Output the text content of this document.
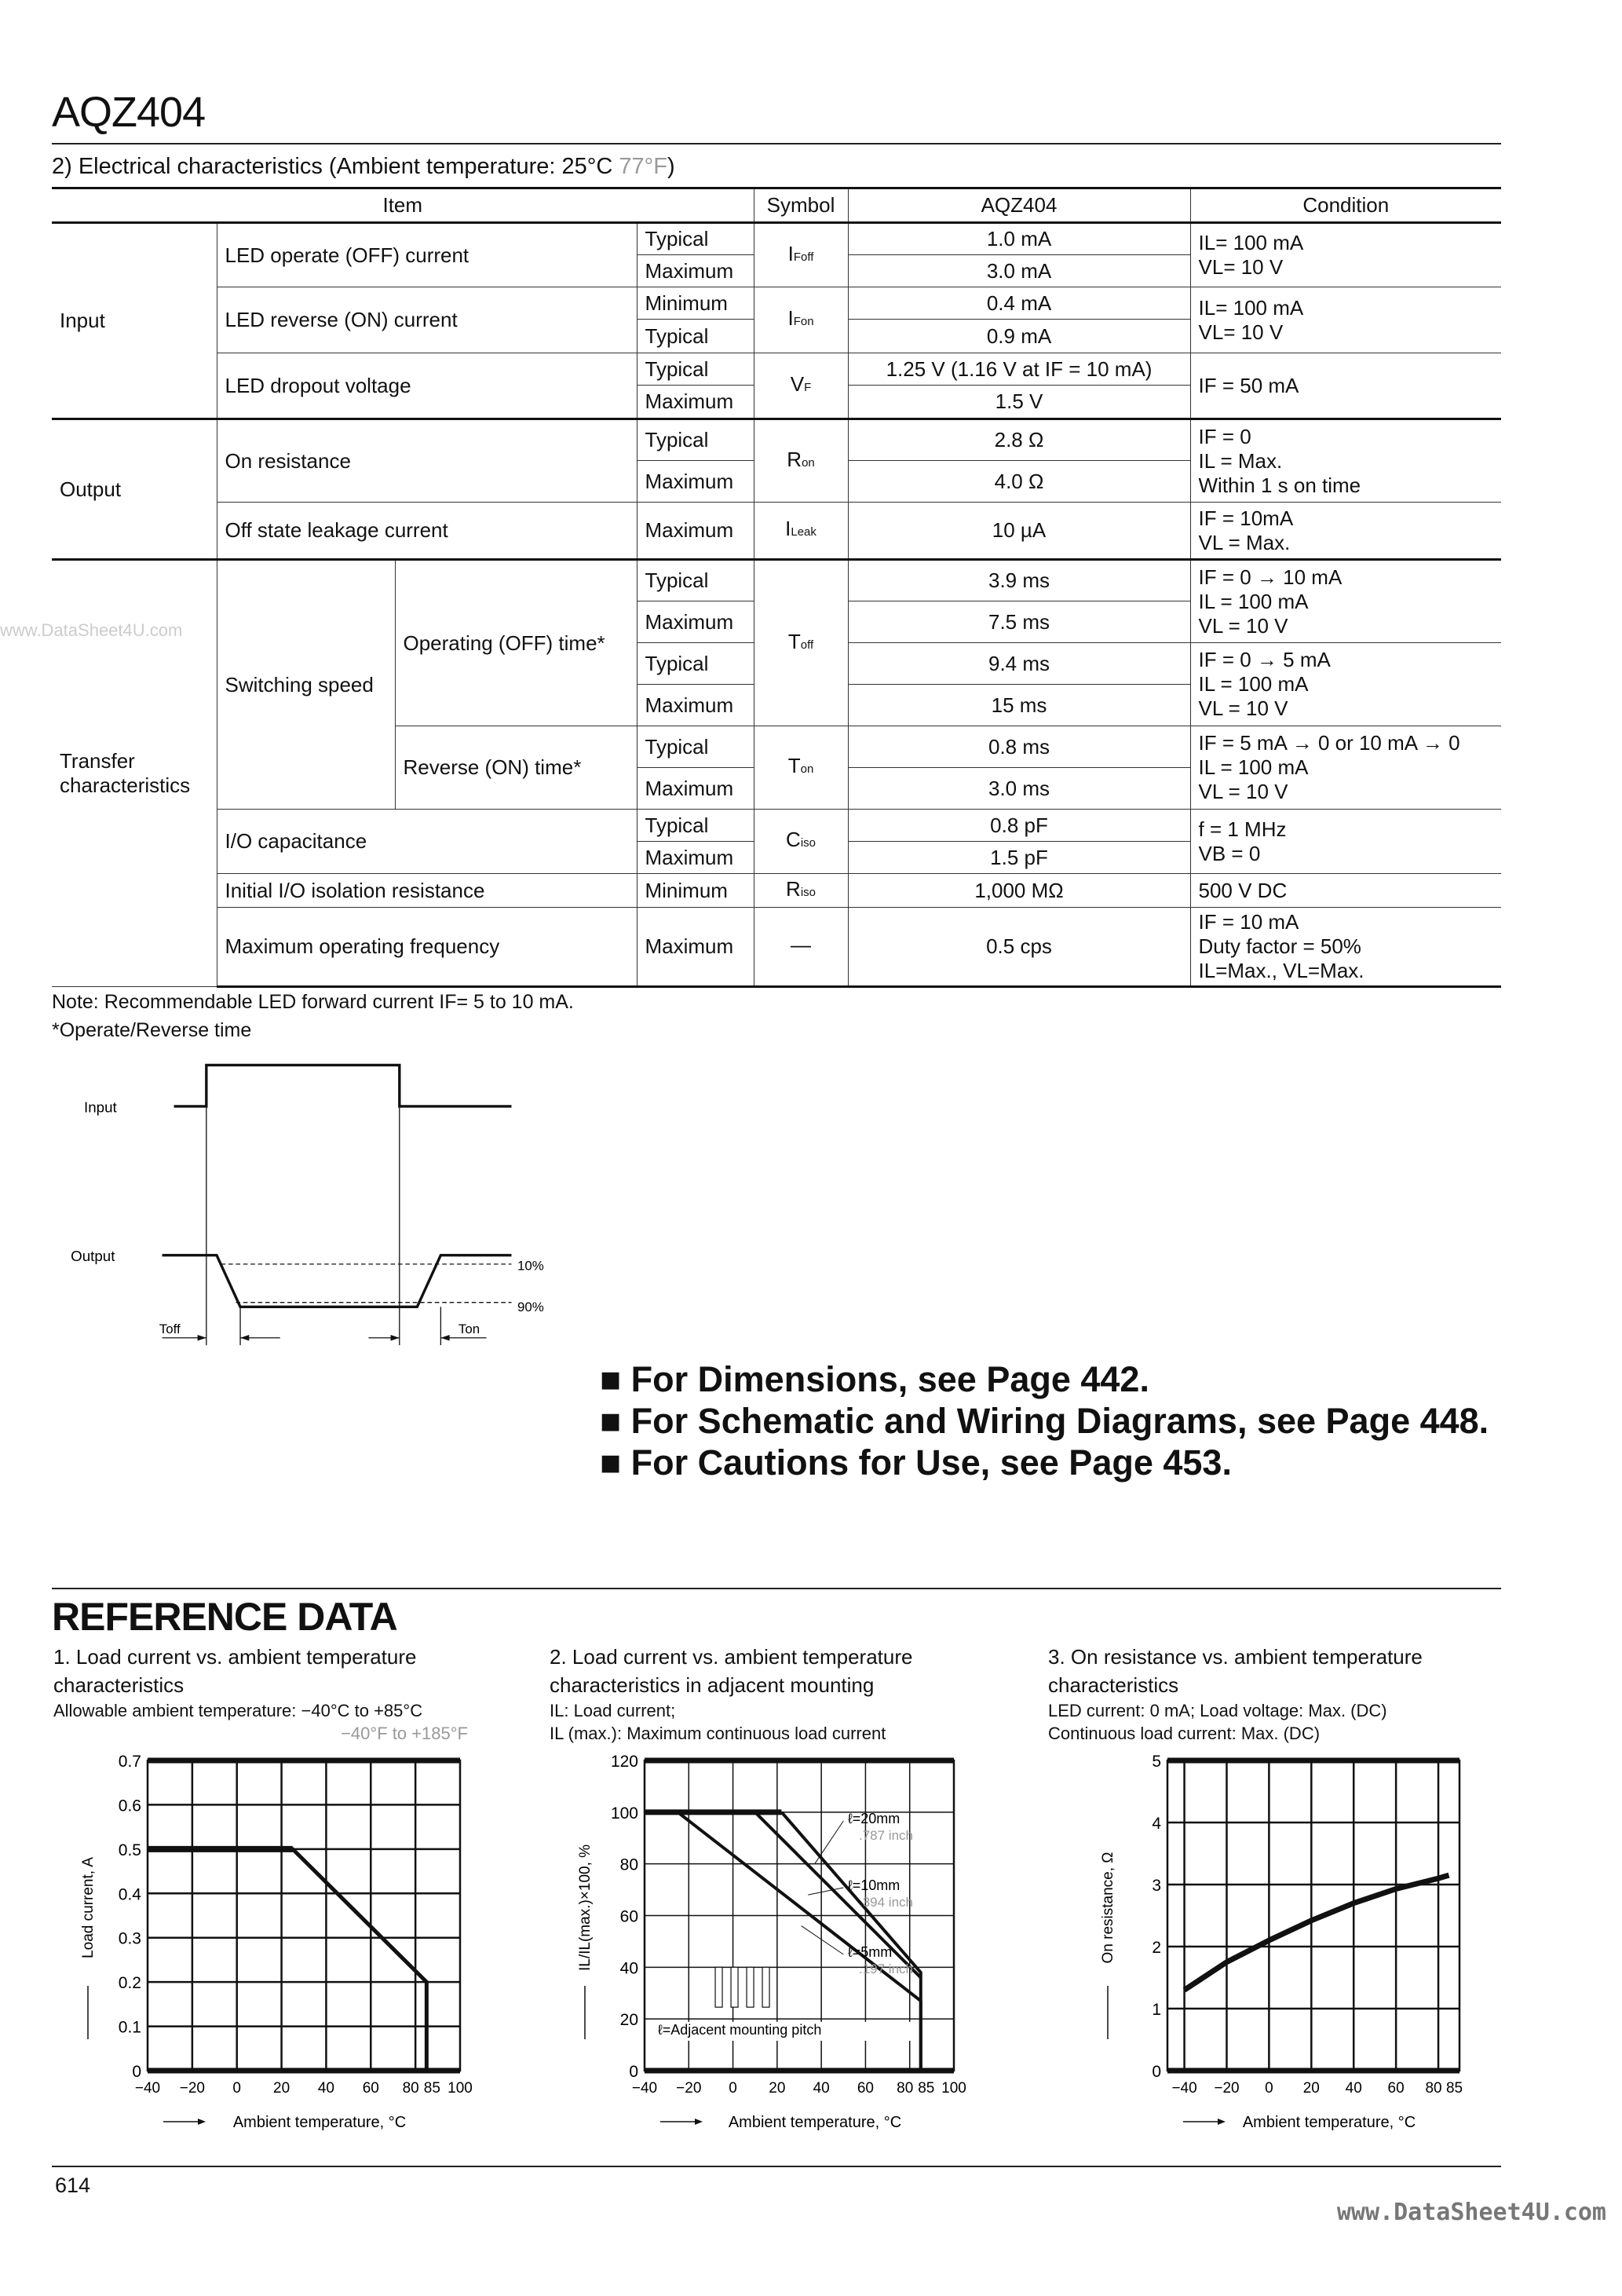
AQZ404
2) Electrical characteristics (Ambient temperature: 25°C 77°F)
Item				Symbol	AQZ404	Condition
Input	LED operate (OFF) current		Typical	IFoff	1.0 mA	IL= 100 mA
VL= 10 V
			Maximum		3.0 mA	
	LED reverse (ON) current		Minimum	IFon	0.4 mA	IL= 100 mA
VL= 10 V
			Typical		0.9 mA	
	LED dropout voltage		Typical	VF	1.25 V (1.16 V at IF = 10 mA)	IF = 50 mA
			Maximum		1.5 V	
Output	On resistance		Typical	Ron	2.8 Ω	IF = 0
IL = Max.
Within 1 s on time
			Maximum		4.0 Ω	
	Off state leakage current		Maximum	ILeak	10 µA	IF = 10mA
VL = Max.
Transfer
characteristics	Switching speed	Operating (OFF) time*	Typical	Toff	3.9 ms	IF = 0 → 10 mA
IL = 100 mA
VL = 10 V
			Maximum		7.5 ms	
			Typical		9.4 ms	IF = 0 → 5 mA
IL = 100 mA
VL = 10 V
			Maximum		15 ms	
		Reverse (ON) time*	Typical	Ton	0.8 ms	IF = 5 mA → 0 or 10 mA → 0
IL = 100 mA
VL = 10 V
			Maximum		3.0 ms	
	I/O capacitance		Typical	Ciso	0.8 pF	f = 1 MHz
VB = 0
			Maximum		1.5 pF	
	Initial I/O isolation resistance		Minimum	Riso	1,000 MΩ	500 V DC
	Maximum operating frequency		Maximum	—	0.5 cps	IF = 10 mA
Duty factor = 50%
IL=Max., VL=Max.
Note: Recommendable LED forward current IF= 5 to 10 mA.
*Operate/Reverse time
Input
Output
10%
90%
Toff	Ton
■ For Dimensions, see Page 442.
■ For Schematic and Wiring Diagrams, see Page 448.
■ For Cautions for Use, see Page 453.
REFERENCE DATA
1. Load current vs. ambient temperature characteristics
Allowable ambient temperature: −40°C to +85°C
−40°F to +185°F
2. Load current vs. ambient temperature characteristics in adjacent mounting
IL: Load current;
IL (max.): Maximum continuous load current
3. On resistance vs. ambient temperature characteristics
LED current: 0 mA; Load voltage: Max. (DC)
Continuous load current: Max. (DC)
0
0.1
0.2
0.3
0.4
0.5
0.6
0.7
−40 −20 0 20 40 60 80 85 100
Load current, A
Ambient temperature, °C
0
20
40
60
80
100
120
−40 −20 0 20 40 60 80 85 100
IL/IL(max.)×100, %
Ambient temperature, °C
ℓ=20mm
.787 inch
ℓ=10mm
.394 inch
ℓ=5mm
.197 inch
ℓ=Adjacent mounting pitch
0
1
2
3
4
5
−40 −20 0 20 40 60 80 85
On resistance, Ω
Ambient temperature, °C
614
www.DataSheet4U.com
www.DataSheet4U.com
